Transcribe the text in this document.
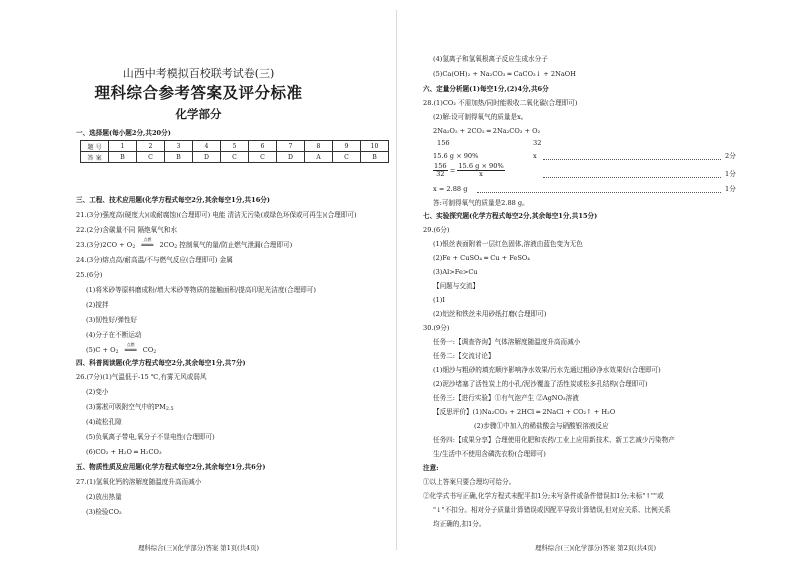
山西中考模拟百校联考试卷(三)
理科综合参考答案及评分标准
化学部分
一、选择题(每小题2分,共20分)
题 号	1	2	3	4	5	6	7	8	9	10
答 案	B	C	B	D	C	C	D	A	C	B
三、工程、技术应用题(化学方程式每空2分,其余每空1分,共16分)
21.(3分)强度高(硬度大)(或耐腐蚀)(合理即可) 电能 清洁无污染(或绿色环保或可再生)(合理即可)
22.(2分)含碳量不同 隔绝氧气和水
23.(3分)$2CO + O_2$
点燃
═══ $2CO_2$ 控制氧气的量/防止燃气泄漏(合理即可)
24.(3分)熔点高/耐高温/不与燃气反应(合理即可) 金属
25.(6分)
(1)将米砂等原料磨成粉/增大米砂等物质的接触面积/提高印泥光洁度(合理即可)
(2)搅拌
(3)韧性好/弹性好
(4)分子在不断运动
$(5)C + O_2$
点燃
═══ $CO_2$
四、科普阅读题(化学方程式每空2分,其余每空1分,共7分)
26.(7分)(1)气温低于-15 ℃,有雾无风或弱风
(2)变小
(3)雾凇可吸附空气中的$PM_{2.5}$
(4)疏松孔隙
(5)负氧离子带电,氧分子不显电性(合理即可)
(6)CO₂ + H₂O ═ H₂CO₃
五、物质性质及应用题(化学方程式每空2分,其余每空1分,共6分)
27.(1)氢氧化钙的溶解度随温度升高而减小
(2)放出热量
(3)检验CO₂
理科综合(三)(化学部分)答案 第1页(共4页)
(4)氢离子和氢氧根离子反应生成水分子
(5)Ca(OH)₂ + Na₂CO₃ ═ CaCO₃↓ + 2NaOH
六、定量分析题(1)每空1分,(2)4分,共6分
28.(1)CO₂ 不需加热/同时能吸收二氧化碳(合理即可)
(2)解:设可制得氧气的质量是x。
2Na₂O₂ + 2CO₂ ═ 2Na₂CO₃ + O₂
156	32
15.6 g × 90%	x	2分
$\frac{156}{32} = \frac{15.6 g \times 90\%}{x}$	1分
x = 2.88 g	1分
答:可制得氧气的质量是2.88 g。
七、实验探究题(化学方程式每空2分,其余每空1分,共15分)
29.(6分)
(1)银丝表面附着一层红色固体,溶液由蓝色变为无色
(2)Fe + CuSO₄ ═ Cu + FeSO₄
(3)Al>Fe>Cu
【问题与交流】
(1)Ⅰ
(2)铝丝和铁丝未用砂纸打磨(合理即可)
30.(9分)
任务一:【调查咨询】气体溶解度随温度升高而减小
任务二:【交流讨论】
(1)细沙与粗砂的填充顺序影响净水效果/污水先通过粗砂净水效果好(合理即可)
(2)泥沙堵塞了活性炭上的小孔/泥沙覆盖了活性炭或松多孔结构(合理即可)
任务三:【进行实验】①有气泡产生 ②AgNO₃溶液
【反思评价】(1)Na₂CO₃ + 2HCl ═ 2NaCl + CO₂↑ + H₂O
(2)步骤①中加入的稀盐酸会与硝酸银溶液反应
任务四:【成果分享】合理使用化肥和农药/工业上应用新技术、新工艺减少污染物产
生/生活中不使用含磷洗衣粉(合理即可)
注意:
①以上答案只要合理均可给分。
②化学式书写正确,化学方程式未配平扣1分;未写条件或条件错误扣1分;未标"↑""或
"↓"不扣分。相对分子质量计算错误或因配平导致计算错误,但对应关系、比例关系
均正确的,扣1分。
理科综合(三)(化学部分)答案 第2页(共4页)
